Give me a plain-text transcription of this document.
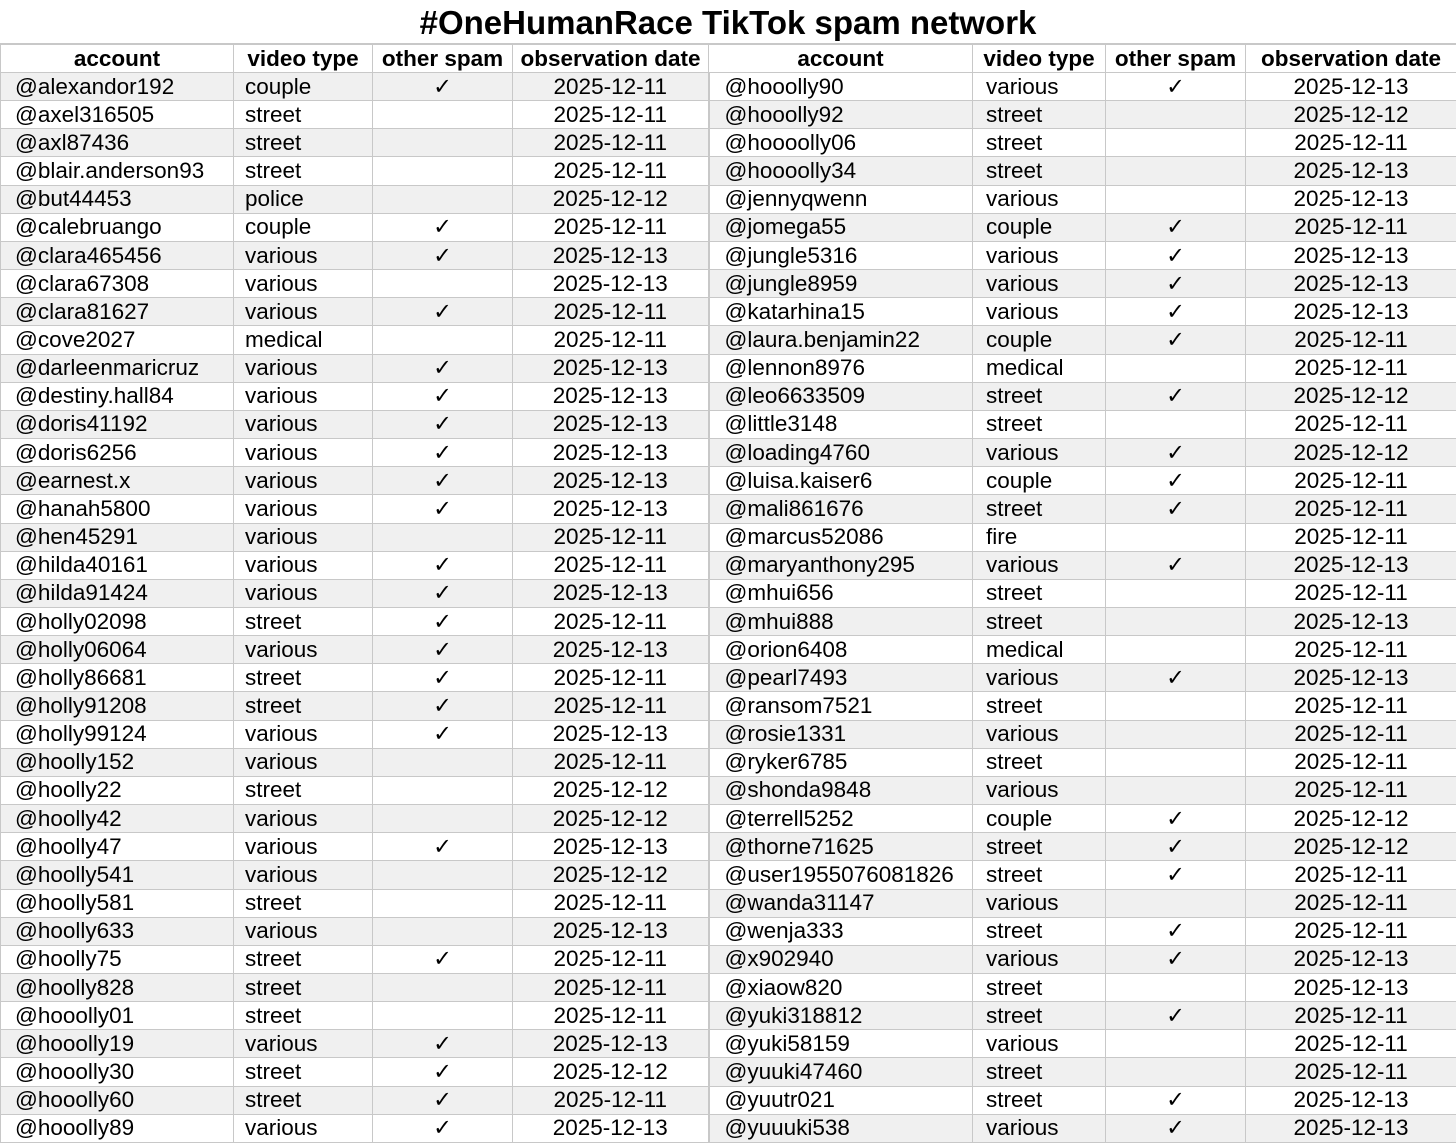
#OneHumanRace TikTok spam network
account	video type	other spam	observation date	account	video type	other spam	observation date
@alexandor192	couple	✓	2025-12-11	@hooolly90	various	✓	2025-12-13
@axel316505	street		2025-12-11	@hooolly92	street		2025-12-12
@axl87436	street		2025-12-11	@hoooolly06	street		2025-12-11
@blair.anderson93	street		2025-12-11	@hoooolly34	street		2025-12-13
@but44453	police		2025-12-12	@jennyqwenn	various		2025-12-13
@calebruango	couple	✓	2025-12-11	@jomega55	couple	✓	2025-12-11
@clara465456	various	✓	2025-12-13	@jungle5316	various	✓	2025-12-13
@clara67308	various		2025-12-13	@jungle8959	various	✓	2025-12-13
@clara81627	various	✓	2025-12-11	@katarhina15	various	✓	2025-12-13
@cove2027	medical		2025-12-11	@laura.benjamin22	couple	✓	2025-12-11
@darleenmaricruz	various	✓	2025-12-13	@lennon8976	medical		2025-12-11
@destiny.hall84	various	✓	2025-12-13	@leo6633509	street	✓	2025-12-12
@doris41192	various	✓	2025-12-13	@little3148	street		2025-12-11
@doris6256	various	✓	2025-12-13	@loading4760	various	✓	2025-12-12
@earnest.x	various	✓	2025-12-13	@luisa.kaiser6	couple	✓	2025-12-11
@hanah5800	various	✓	2025-12-13	@mali861676	street	✓	2025-12-11
@hen45291	various		2025-12-11	@marcus52086	fire		2025-12-11
@hilda40161	various	✓	2025-12-11	@maryanthony295	various	✓	2025-12-13
@hilda91424	various	✓	2025-12-13	@mhui656	street		2025-12-11
@holly02098	street	✓	2025-12-11	@mhui888	street		2025-12-13
@holly06064	various	✓	2025-12-13	@orion6408	medical		2025-12-11
@holly86681	street	✓	2025-12-11	@pearl7493	various	✓	2025-12-13
@holly91208	street	✓	2025-12-11	@ransom7521	street		2025-12-11
@holly99124	various	✓	2025-12-13	@rosie1331	various		2025-12-11
@hoolly152	various		2025-12-11	@ryker6785	street		2025-12-11
@hoolly22	street		2025-12-12	@shonda9848	various		2025-12-11
@hoolly42	various		2025-12-12	@terrell5252	couple	✓	2025-12-12
@hoolly47	various	✓	2025-12-13	@thorne71625	street	✓	2025-12-12
@hoolly541	various		2025-12-12	@user1955076081826	street	✓	2025-12-11
@hoolly581	street		2025-12-11	@wanda31147	various		2025-12-11
@hoolly633	various		2025-12-13	@wenja333	street	✓	2025-12-11
@hoolly75	street	✓	2025-12-11	@x902940	various	✓	2025-12-13
@hoolly828	street		2025-12-11	@xiaow820	street		2025-12-13
@hooolly01	street		2025-12-11	@yuki318812	street	✓	2025-12-11
@hooolly19	various	✓	2025-12-13	@yuki58159	various		2025-12-11
@hooolly30	street	✓	2025-12-12	@yuuki47460	street		2025-12-11
@hooolly60	street	✓	2025-12-11	@yuutr021	street	✓	2025-12-13
@hooolly89	various	✓	2025-12-13	@yuuuki538	various	✓	2025-12-13
